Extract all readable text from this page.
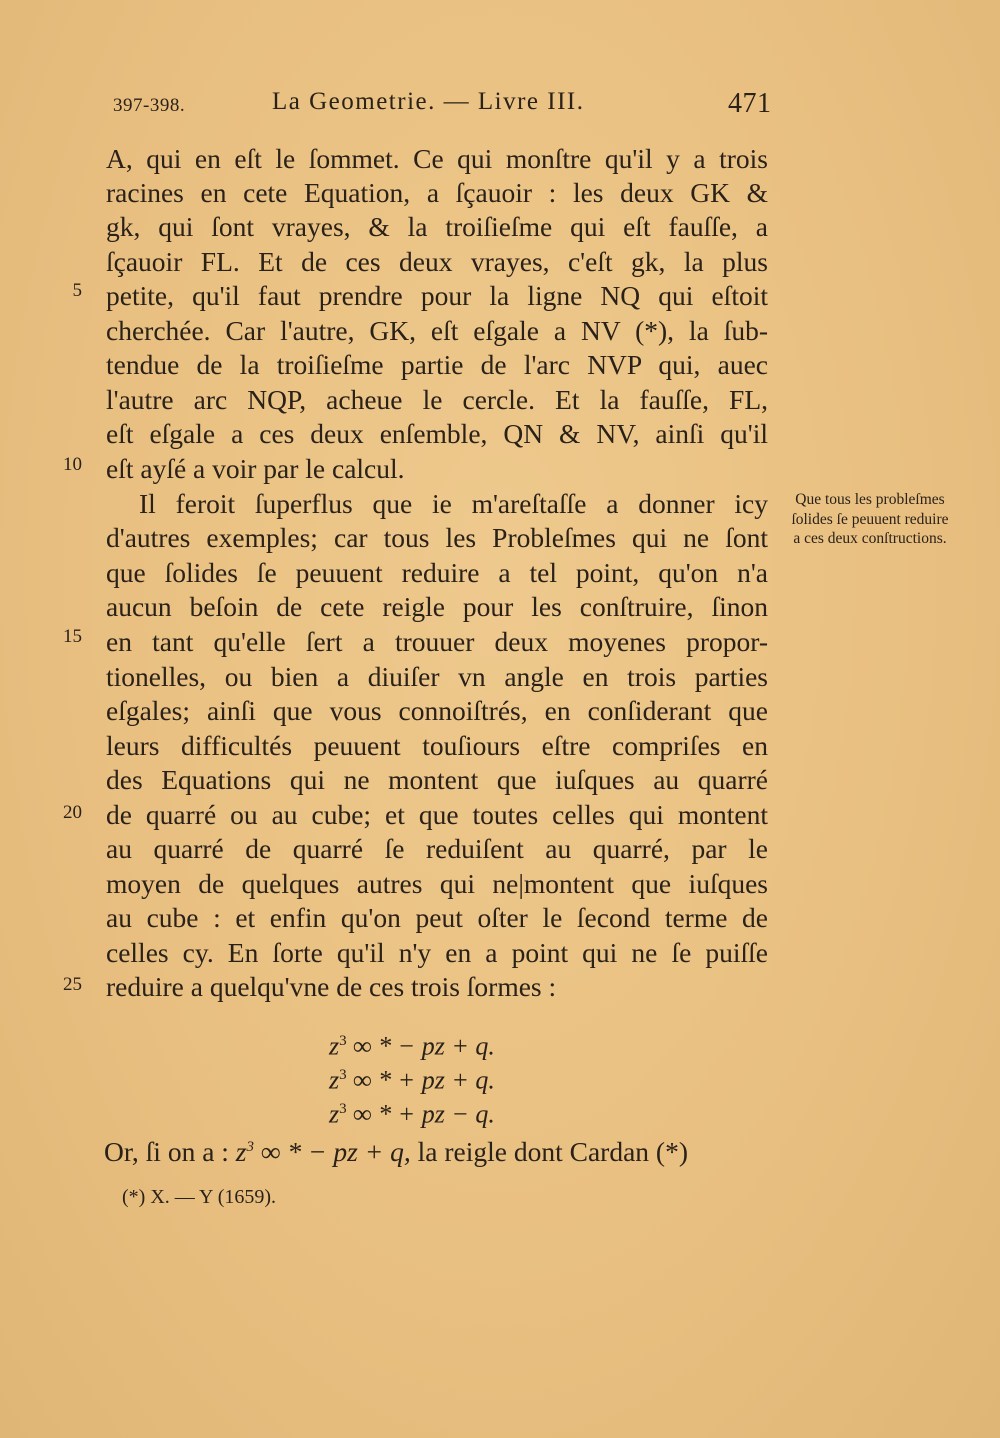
397-398.	La Geometrie. — Livre III.	471
A, qui en eſt le ſommet. Ce qui monſtre qu'il y a trois
racines en cete Equation, a ſçauoir : les deux GK &
gk, qui ſont vrayes, & la troiſieſme qui eſt fauſſe, a
ſçauoir FL. Et de ces deux vrayes, c'eſt gk, la plus
petite, qu'il faut prendre pour la ligne NQ qui eſtoit
cherchée. Car l'autre, GK, eſt eſgale a NV (*), la ſub-
tendue de la troiſieſme partie de l'arc NVP qui, auec
l'autre arc NQP, acheue le cercle. Et la fauſſe, FL,
eſt eſgale a ces deux enſemble, QN & NV, ainſi qu'il
eſt ayſé a voir par le calcul.
Il feroit ſuperflus que ie m'areſtaſſe a donner icy
d'autres exemples; car tous les Probleſmes qui ne ſont
que ſolides ſe peuuent reduire a tel point, qu'on n'a
aucun beſoin de cete reigle pour les conſtruire, ſinon
en tant qu'elle ſert a trouuer deux moyenes propor-
tionelles, ou bien a diuiſer vn angle en trois parties
eſgales; ainſi que vous connoiſtrés, en conſiderant que
leurs difficultés peuuent touſiours eſtre compriſes en
des Equations qui ne montent que iuſques au quarré
de quarré ou au cube; et que toutes celles qui montent
au quarré de quarré ſe reduiſent au quarré, par le
moyen de quelques autres qui ne|montent que iuſques
au cube : et enfin qu'on peut oſter le ſecond terme de
celles cy. En ſorte qu'il n'y en a point qui ne ſe puiſſe
reduire a quelqu'vne de ces trois ſormes :
5
10
15
20
25
Que tous les probleſmes ſolides ſe peuuent reduire a ces deux conſtructions.
$z^3$ ∞ * − pz + q.
$z^3$ ∞ * + pz + q.
$z^3$ ∞ * + pz − q.
Or, ſi on a : $z^3$ ∞ * − pz + q, la reigle dont Cardan (*)
(*) X. — Y (1659).
